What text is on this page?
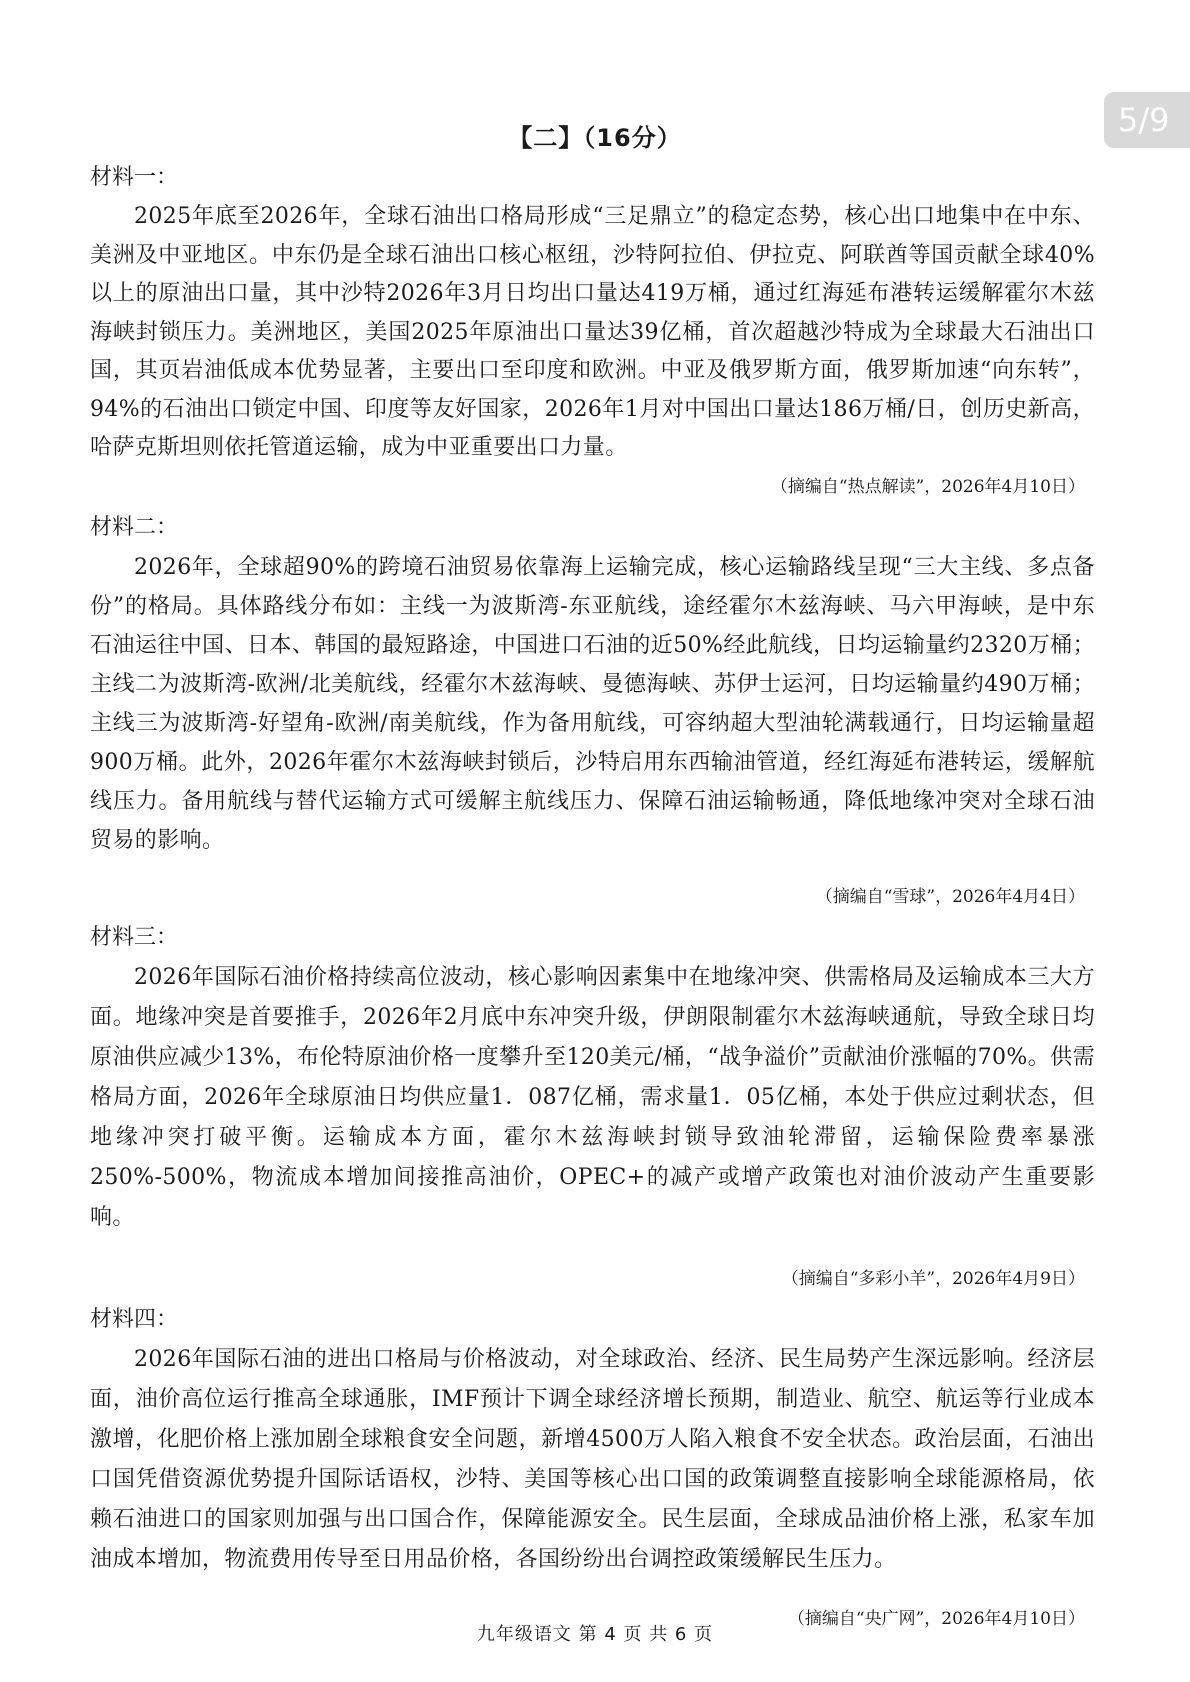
5/9
【二】（16分）
材料一：

2025年底至2026年，全球石油出口格局形成“三足鼎立”的稳定态势，核心出口地集中在中东、美洲及中亚地区。中东仍是全球石油出口核心枢纽，沙特阿拉伯、伊拉克、阿联酋等国贡献全球40%以上的原油出口量，其中沙特2026年3月日均出口量达419万桶，通过红海延布港转运缓解霍尔木兹海峡封锁压力。美洲地区，美国2025年原油出口量达39亿桶，首次超越沙特成为全球最大石油出口国，其页岩油低成本优势显著，主要出口至印度和欧洲。中亚及俄罗斯方面，俄罗斯加速“向东转”，94%的石油出口锁定中国、印度等友好国家，2026年1月对中国出口量达186万桶/日，创历史新高，哈萨克斯坦则依托管道运输，成为中亚重要出口力量。

（摘编自“热点解读”，2026年4月10日）
材料二：

2026年，全球超90%的跨境石油贸易依靠海上运输完成，核心运输路线呈现“三大主线、多点备份”的格局。具体路线分布如：主线一为波斯湾-东亚航线，途经霍尔木兹海峡、马六甲海峡，是中东石油运往中国、日本、韩国的最短路途，中国进口石油的近50%经此航线，日均运输量约2320万桶；主线二为波斯湾-欧洲/北美航线，经霍尔木兹海峡、曼德海峡、苏伊士运河，日均运输量约490万桶；主线三为波斯湾-好望角-欧洲/南美航线，作为备用航线，可容纳超大型油轮满载通行，日均运输量超900万桶。此外，2026年霍尔木兹海峡封锁后，沙特启用东西输油管道，经红海延布港转运，缓解航线压力。备用航线与替代运输方式可缓解主航线压力、保障石油运输畅通，降低地缘冲突对全球石油贸易的影响。

（摘编自“雪球”，2026年4月4日）
材料三：

2026年国际石油价格持续高位波动，核心影响因素集中在地缘冲突、供需格局及运输成本三大方面。地缘冲突是首要推手，2026年2月底中东冲突升级，伊朗限制霍尔木兹海峡通航，导致全球日均原油供应减少13%，布伦特原油价格一度攀升至120美元/桶，“战争溢价”贡献油价涨幅的70%。供需格局方面，2026年全球原油日均供应量1．087亿桶，需求量1．05亿桶，本处于供应过剩状态，但地缘冲突打破平衡。运输成本方面，霍尔木兹海峡封锁导致油轮滞留，运输保险费率暴涨250%-500%，物流成本增加间接推高油价，OPEC+的减产或增产政策也对油价波动产生重要影响。

（摘编自“多彩小羊”，2026年4月9日）
材料四：

2026年国际石油的进出口格局与价格波动，对全球政治、经济、民生局势产生深远影响。经济层面，油价高位运行推高全球通胀，IMF预计下调全球经济增长预期，制造业、航空、航运等行业成本激增，化肥价格上涨加剧全球粮食安全问题，新增4500万人陷入粮食不安全状态。政治层面，石油出口国凭借资源优势提升国际话语权，沙特、美国等核心出口国的政策调整直接影响全球能源格局，依赖石油进口的国家则加强与出口国合作，保障能源安全。民生层面，全球成品油价格上涨，私家车加油成本增加，物流费用传导至日用品价格，各国纷纷出台调控政策缓解民生压力。

（摘编自“央广网”，2026年4月10日）
九年级语文 第 4 页 共 6 页
